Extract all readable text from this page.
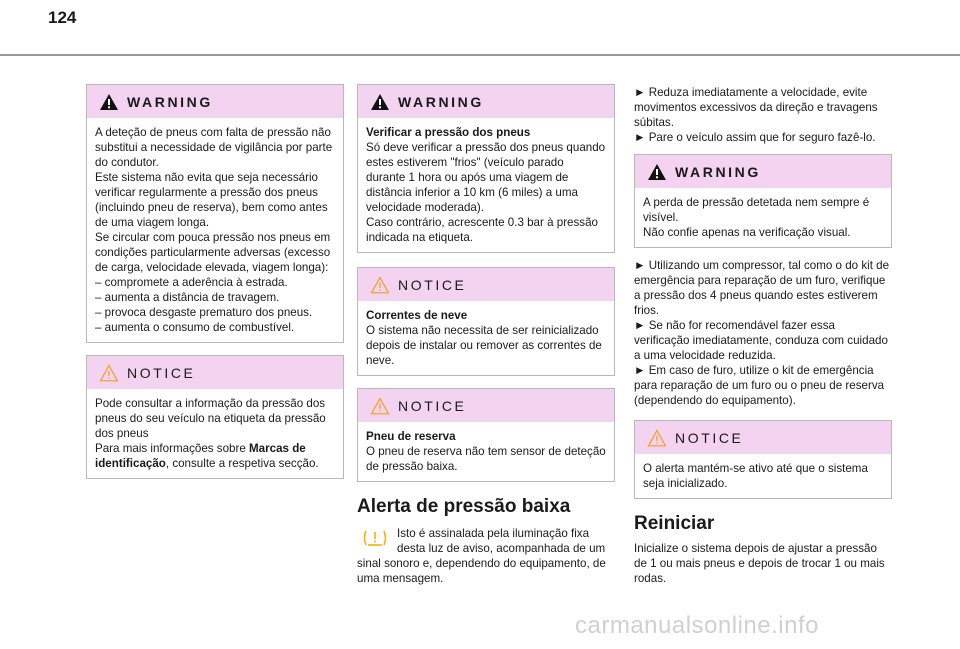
124
WARNING

A deteção de pneus com falta de pressão não substitui a necessidade de vigilância por parte do condutor.

Este sistema não evita que seja necessário verificar regularmente a pressão dos pneus (incluindo pneu de reserva), bem como antes de uma viagem longa.

Se circular com pouca pressão nos pneus em condições particularmente adversas (excesso de carga, velocidade elevada, viagem longa):

– compromete a aderência à estrada.

– aumenta a distância de travagem.

– provoca desgaste prematuro dos pneus.

– aumenta o consumo de combustível.

NOTICE

Pode consultar a informação da pressão dos pneus do seu veículo na etiqueta da pressão dos pneus

Para mais informações sobre Marcas de identificação, consulte a respetiva secção.

WARNING

Verificar a pressão dos pneus

Só deve verificar a pressão dos pneus quando estes estiverem "frios" (veículo parado durante 1 hora ou após uma viagem de distância inferior a 10 km (6 miles) a uma velocidade moderada).

Caso contrário, acrescente 0.3 bar à pressão indicada na etiqueta.

NOTICE

Correntes de neve

O sistema não necessita de ser reinicializado depois de instalar ou remover as correntes de neve.

NOTICE

Pneu de reserva

O pneu de reserva não tem sensor de deteção de pressão baixa.

Alerta de pressão baixa

Isto é assinalada pela iluminação fixa desta luz de aviso, acompanhada de um sinal sonoro e, dependendo do equipamento, de uma mensagem.

► Reduza imediatamente a velocidade, evite movimentos excessivos da direção e travagens súbitas.

► Pare o veículo assim que for seguro fazê-lo.

WARNING

A perda de pressão detetada nem sempre é visível.

Não confie apenas na verificação visual.

► Utilizando um compressor, tal como o do kit de emergência para reparação de um furo, verifique a pressão dos 4 pneus quando estes estiverem frios.

► Se não for recomendável fazer essa verificação imediatamente, conduza com cuidado a uma velocidade reduzida.

► Em caso de furo, utilize o kit de emergência para reparação de um furo ou o pneu de reserva (dependendo do equipamento).

NOTICE

O alerta mantém-se ativo até que o sistema seja inicializado.

Reiniciar

Inicialize o sistema depois de ajustar a pressão de 1 ou mais pneus e depois de trocar 1 ou mais rodas.

carmanualsonline.info
